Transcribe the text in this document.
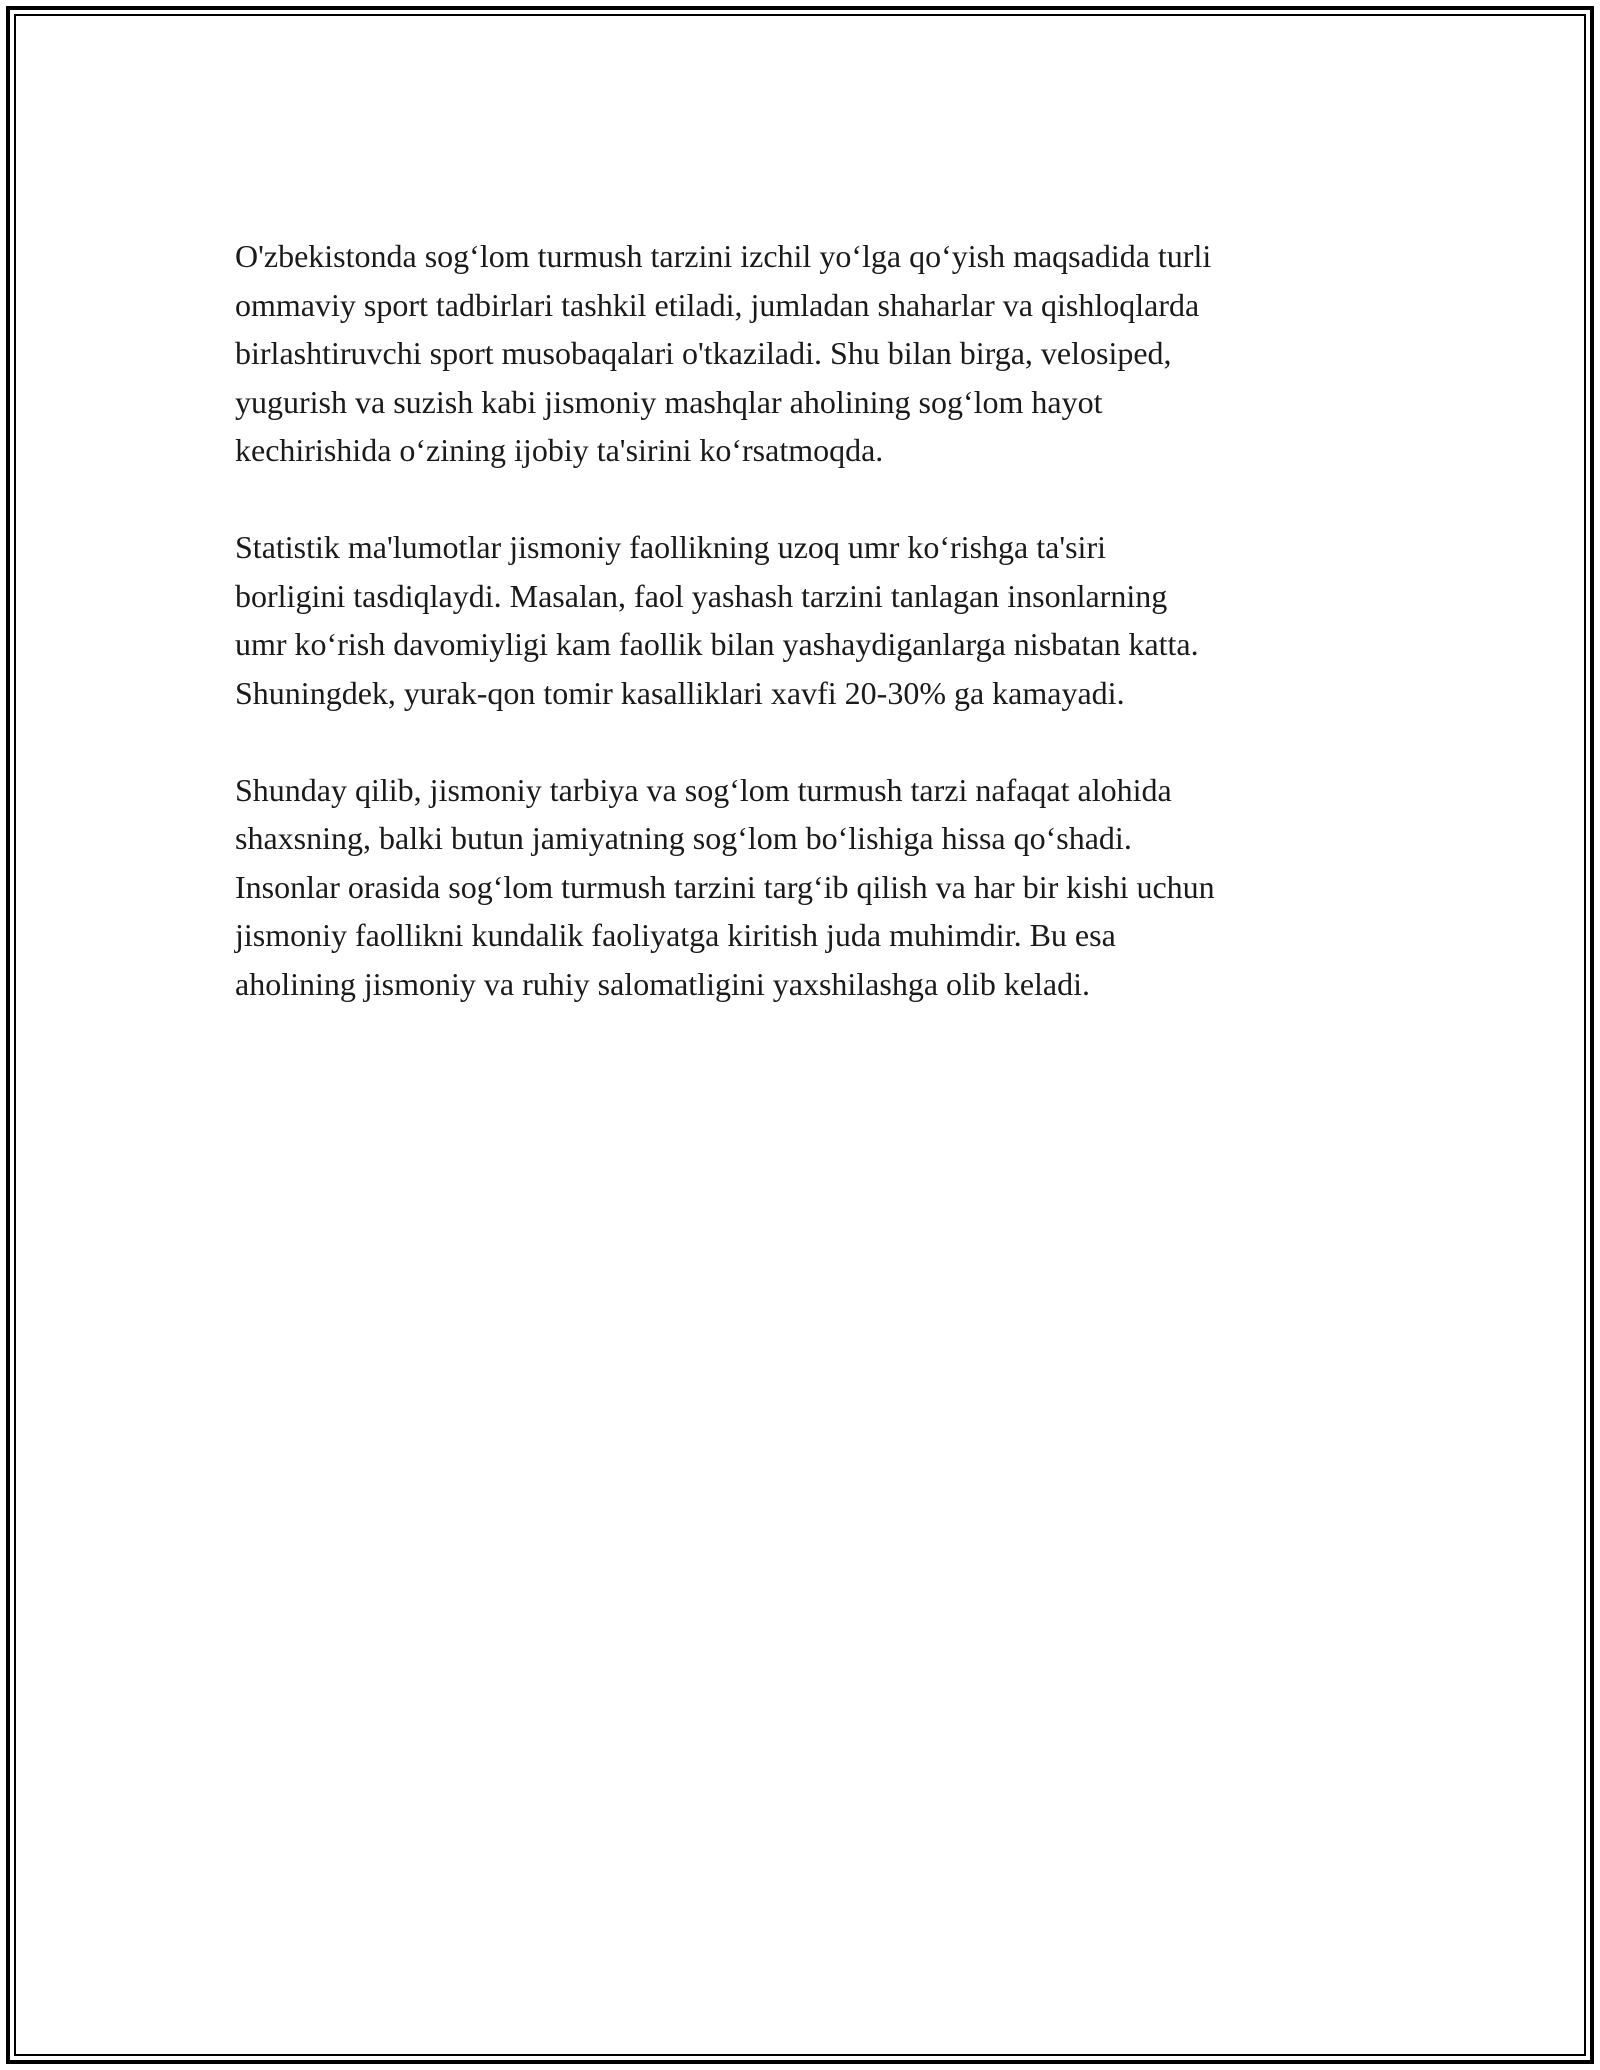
O'zbekistonda sog‘lom turmush tarzini izchil yo‘lga qo‘yish maqsadida turli
ommaviy sport tadbirlari tashkil etiladi, jumladan shaharlar va qishloqlarda
birlashtiruvchi sport musobaqalari o'tkaziladi. Shu bilan birga, velosiped,
yugurish va suzish kabi jismoniy mashqlar aholining sog‘lom hayot
kechirishida o‘zining ijobiy ta'sirini ko‘rsatmoqda.

Statistik ma'lumotlar jismoniy faollikning uzoq umr ko‘rishga ta'siri
borligini tasdiqlaydi. Masalan, faol yashash tarzini tanlagan insonlarning
umr ko‘rish davomiyligi kam faollik bilan yashaydiganlarga nisbatan katta.
Shuningdek, yurak-qon tomir kasalliklari xavfi 20-30% ga kamayadi.

Shunday qilib, jismoniy tarbiya va sog‘lom turmush tarzi nafaqat alohida
shaxsning, balki butun jamiyatning sog‘lom bo‘lishiga hissa qo‘shadi.
Insonlar orasida sog‘lom turmush tarzini targ‘ib qilish va har bir kishi uchun
jismoniy faollikni kundalik faoliyatga kiritish juda muhimdir. Bu esa
aholining jismoniy va ruhiy salomatligini yaxshilashga olib keladi.
